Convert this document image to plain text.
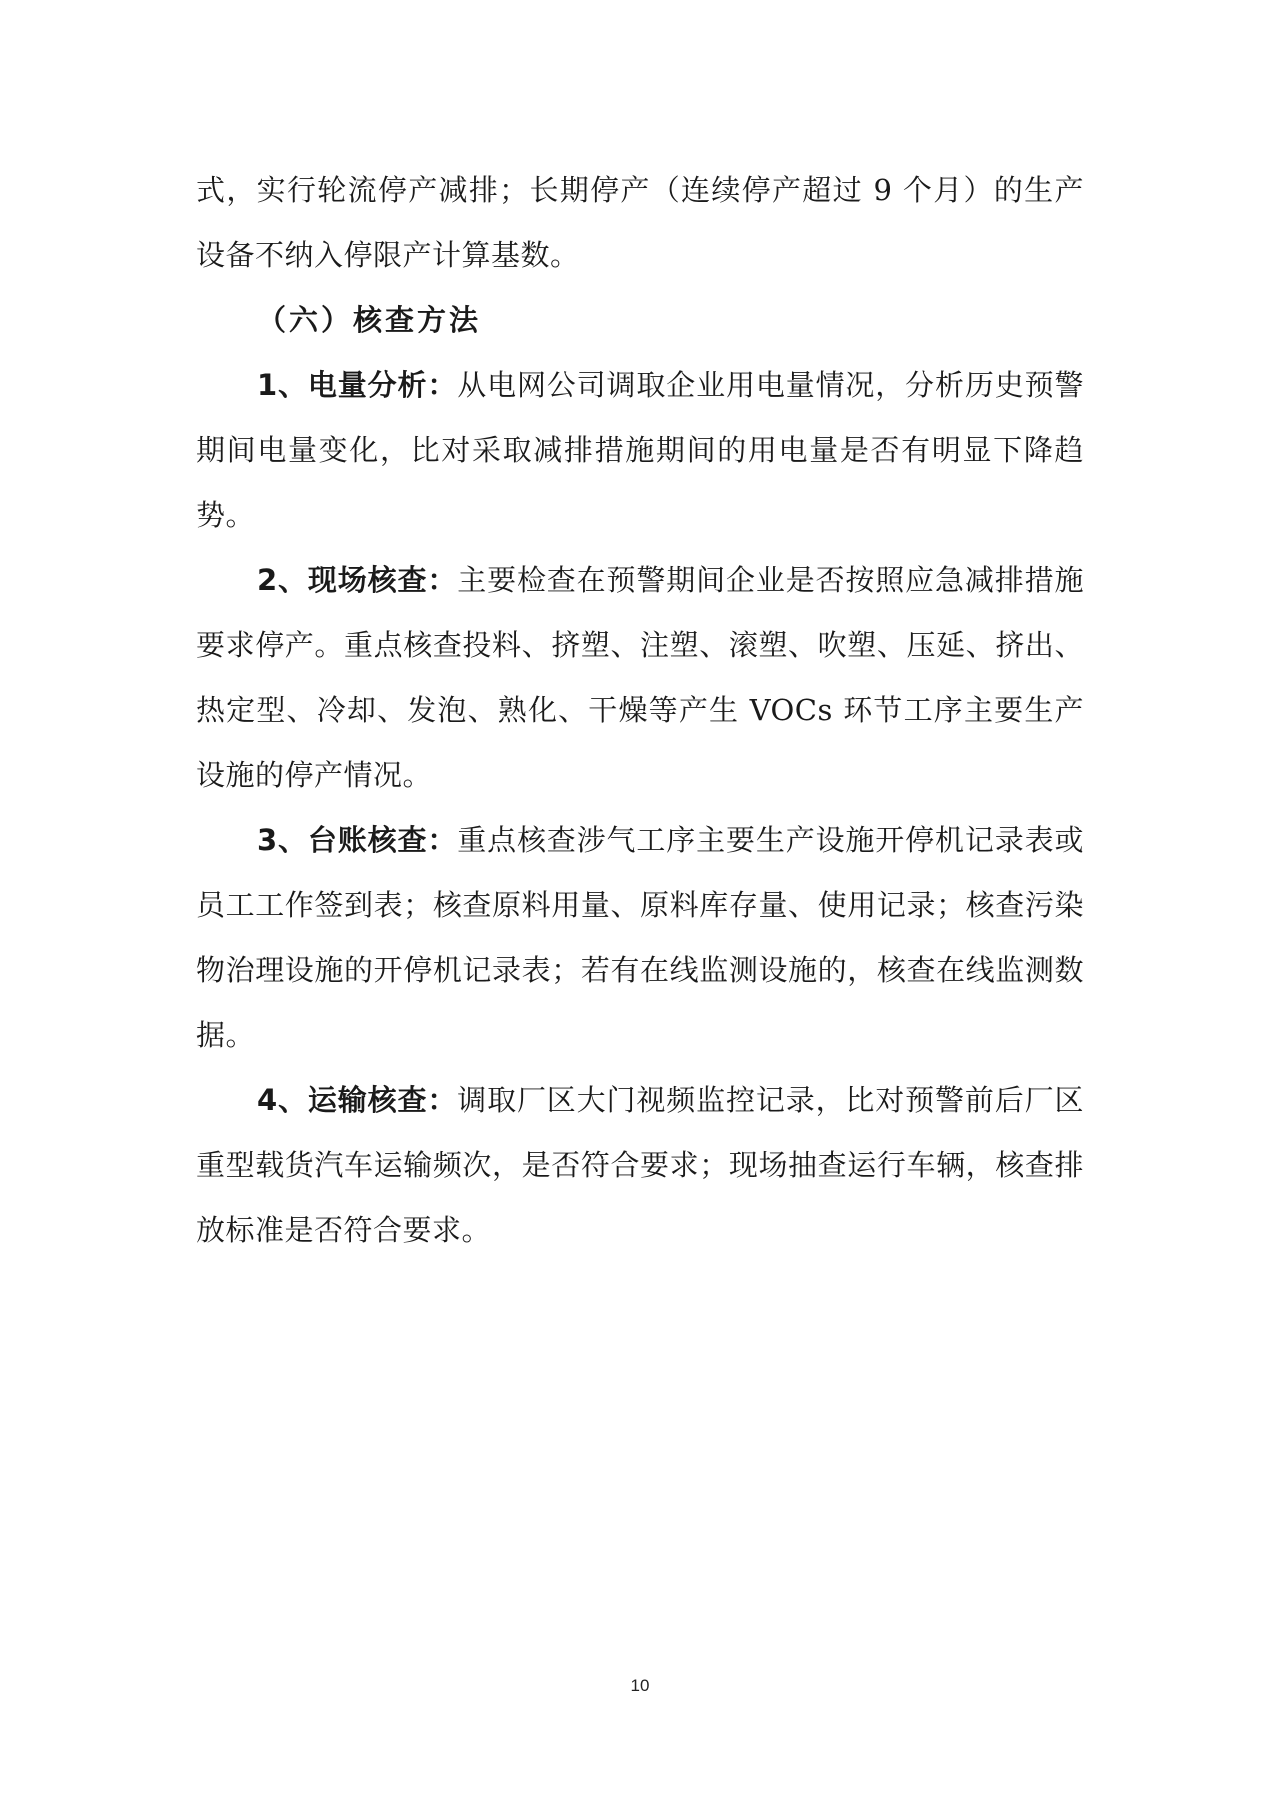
式，实行轮流停产减排；长期停产（连续停产超过 9 个月）的生产设备不纳入停限产计算基数。

（六）核查方法

1、电量分析：从电网公司调取企业用电量情况，分析历史预警期间电量变化，比对采取减排措施期间的用电量是否有明显下降趋势。

2、现场核查：主要检查在预警期间企业是否按照应急减排措施要求停产。重点核查投料、挤塑、注塑、滚塑、吹塑、压延、挤出、热定型、冷却、发泡、熟化、干燥等产生 VOCs 环节工序主要生产设施的停产情况。

3、台账核查：重点核查涉气工序主要生产设施开停机记录表或员工工作签到表；核查原料用量、原料库存量、使用记录；核查污染物治理设施的开停机记录表；若有在线监测设施的，核查在线监测数据。

4、运输核查：调取厂区大门视频监控记录，比对预警前后厂区重型载货汽车运输频次，是否符合要求；现场抽查运行车辆，核查排放标准是否符合要求。

10
